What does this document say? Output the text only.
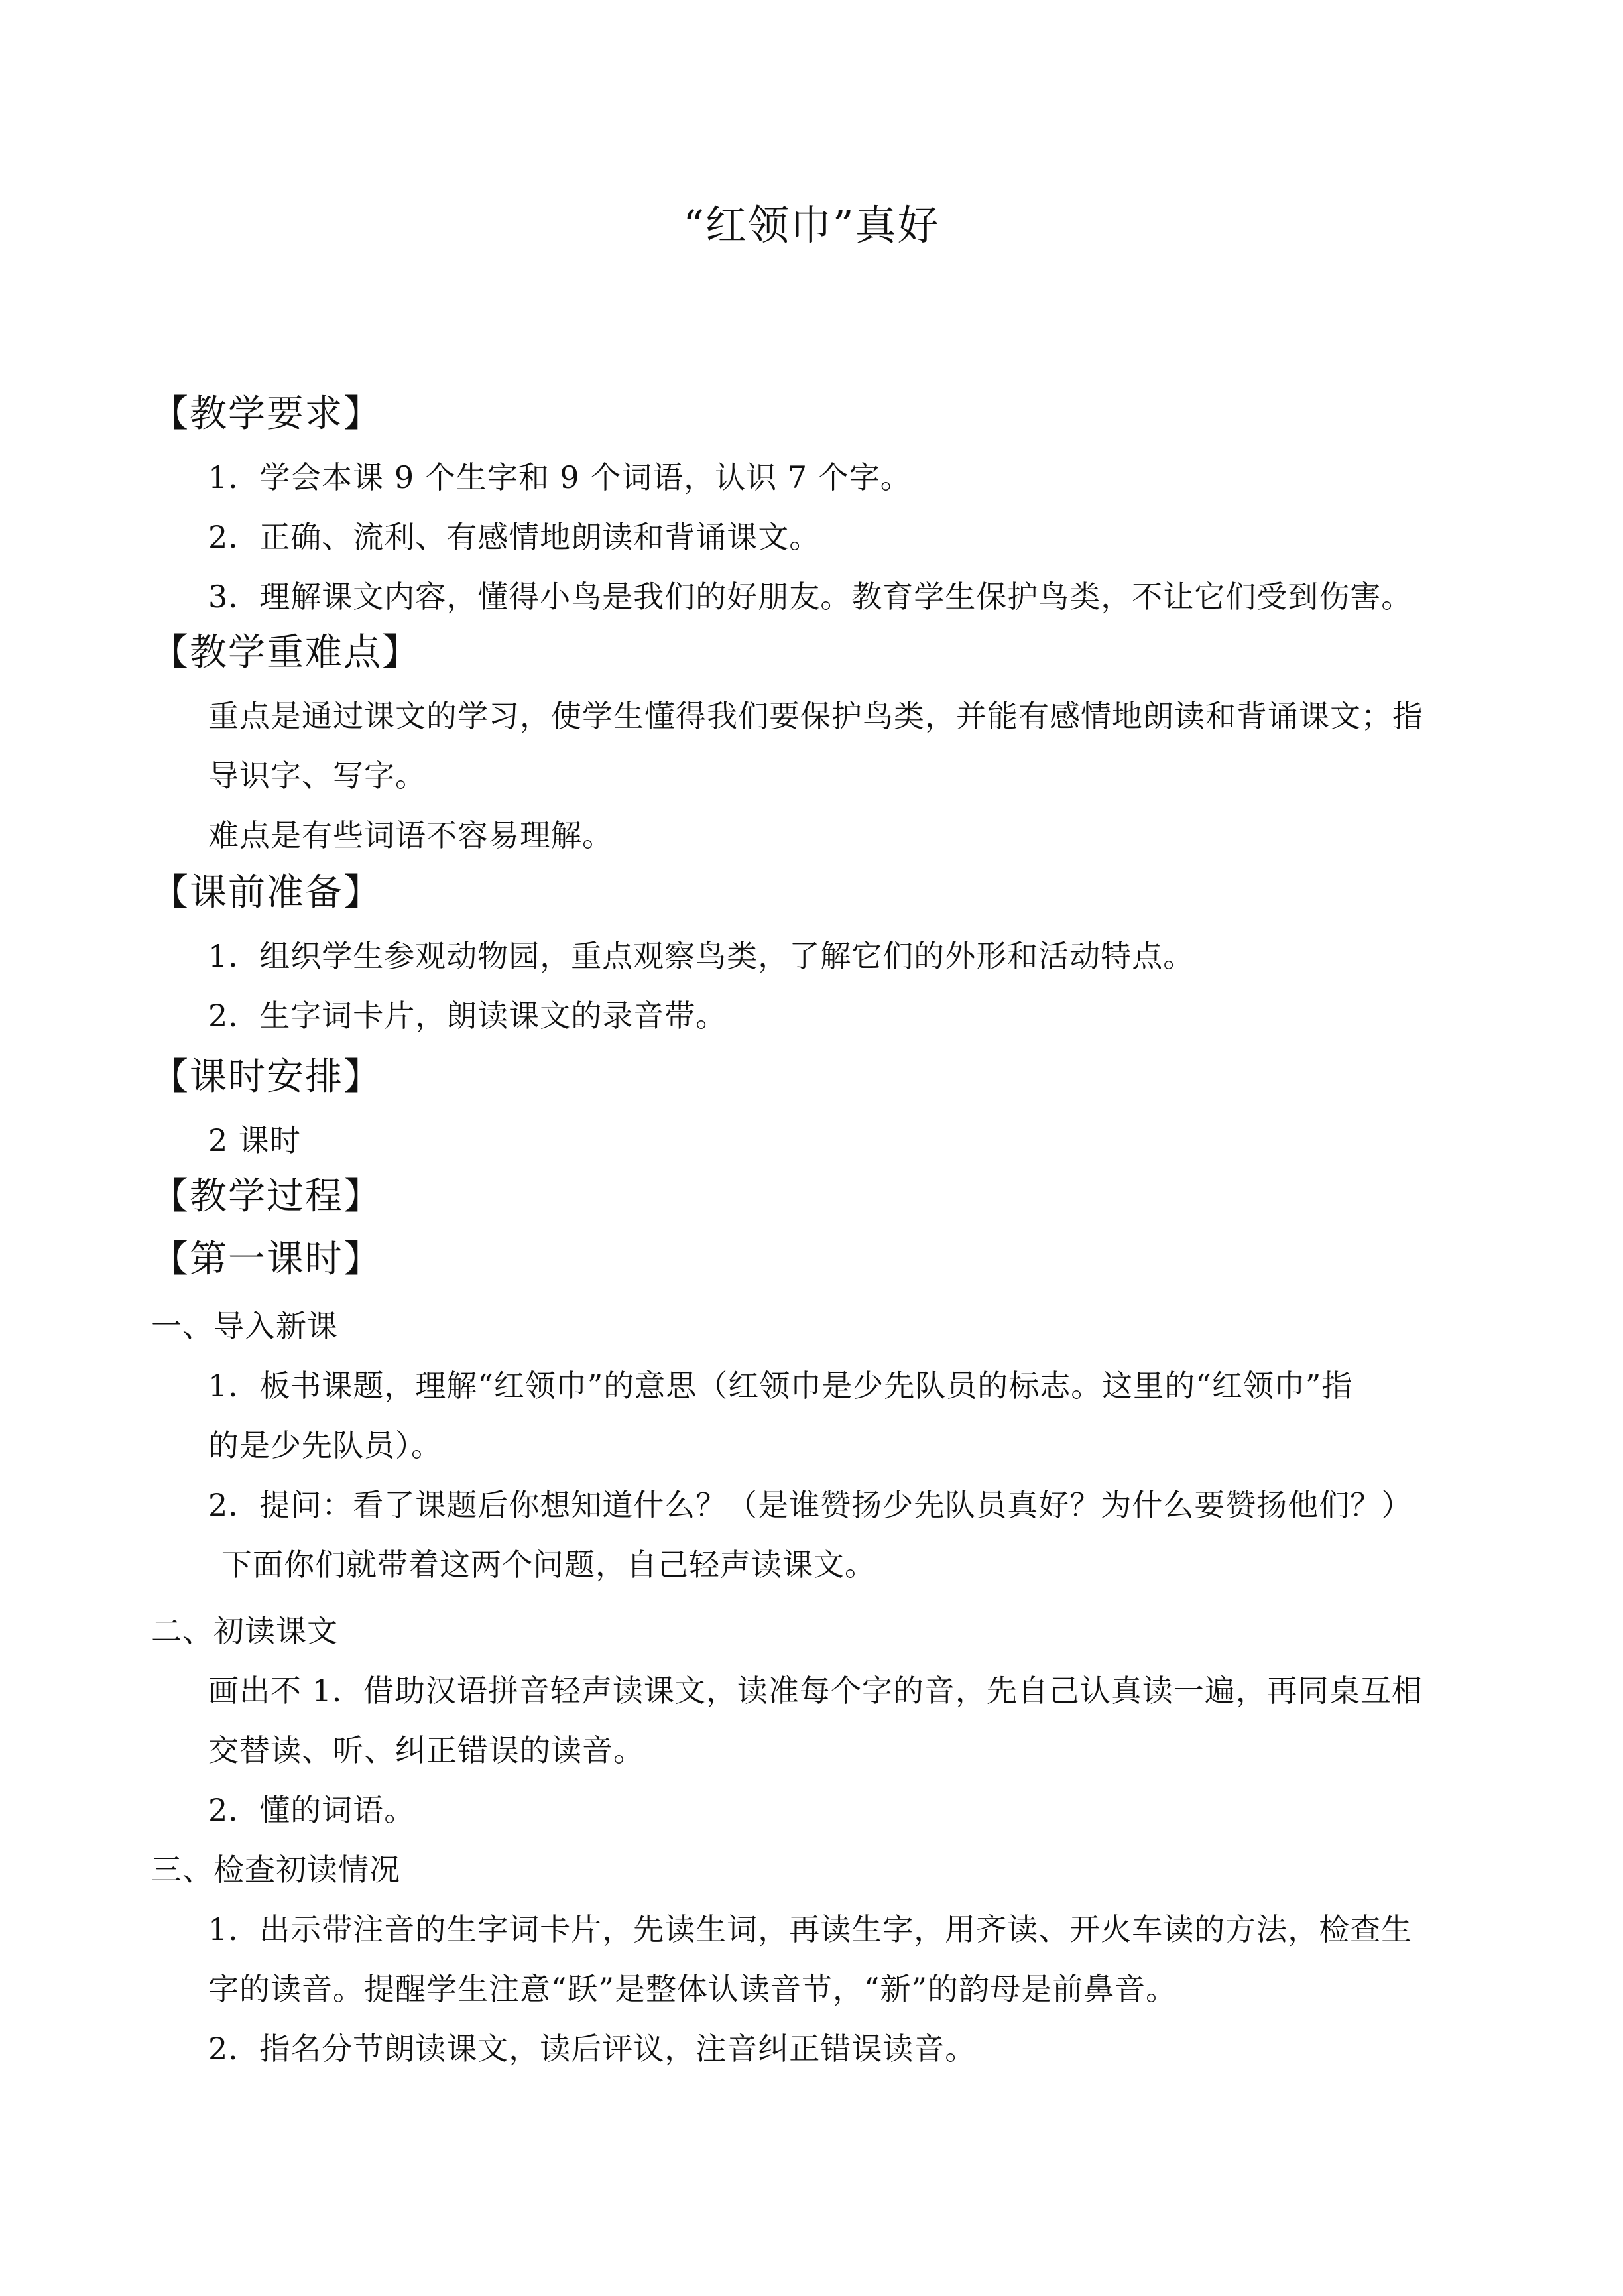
“红领巾”真好
【教学要求】
1．学会本课 9 个生字和 9 个词语，认识 7 个字。
2．正确、流利、有感情地朗读和背诵课文。
3．理解课文内容，懂得小鸟是我们的好朋友。教育学生保护鸟类，不让它们受到伤害。
【教学重难点】
重点是通过课文的学习，使学生懂得我们要保护鸟类，并能有感情地朗读和背诵课文；指
导识字、写字。
难点是有些词语不容易理解。
【课前准备】
1．组织学生参观动物园，重点观察鸟类，了解它们的外形和活动特点。
2．生字词卡片，朗读课文的录音带。
【课时安排】
2 课时
【教学过程】
【第一课时】
一、导入新课
1．板书课题，理解“红领巾”的意思（红领巾是少先队员的标志。这里的“红领巾”指
的是少先队员）。
2．提问：看了课题后你想知道什么？（是谁赞扬少先队员真好？为什么要赞扬他们？）
下面你们就带着这两个问题，自己轻声读课文。
二、初读课文
画出不 1．借助汉语拼音轻声读课文，读准每个字的音，先自己认真读一遍，再同桌互相
交替读、听、纠正错误的读音。
2．懂的词语。
三、检查初读情况
1．出示带注音的生字词卡片，先读生词，再读生字，用齐读、开火车读的方法，检查生
字的读音。提醒学生注意“跃”是整体认读音节，“新”的韵母是前鼻音。
2．指名分节朗读课文，读后评议，注音纠正错误读音。
